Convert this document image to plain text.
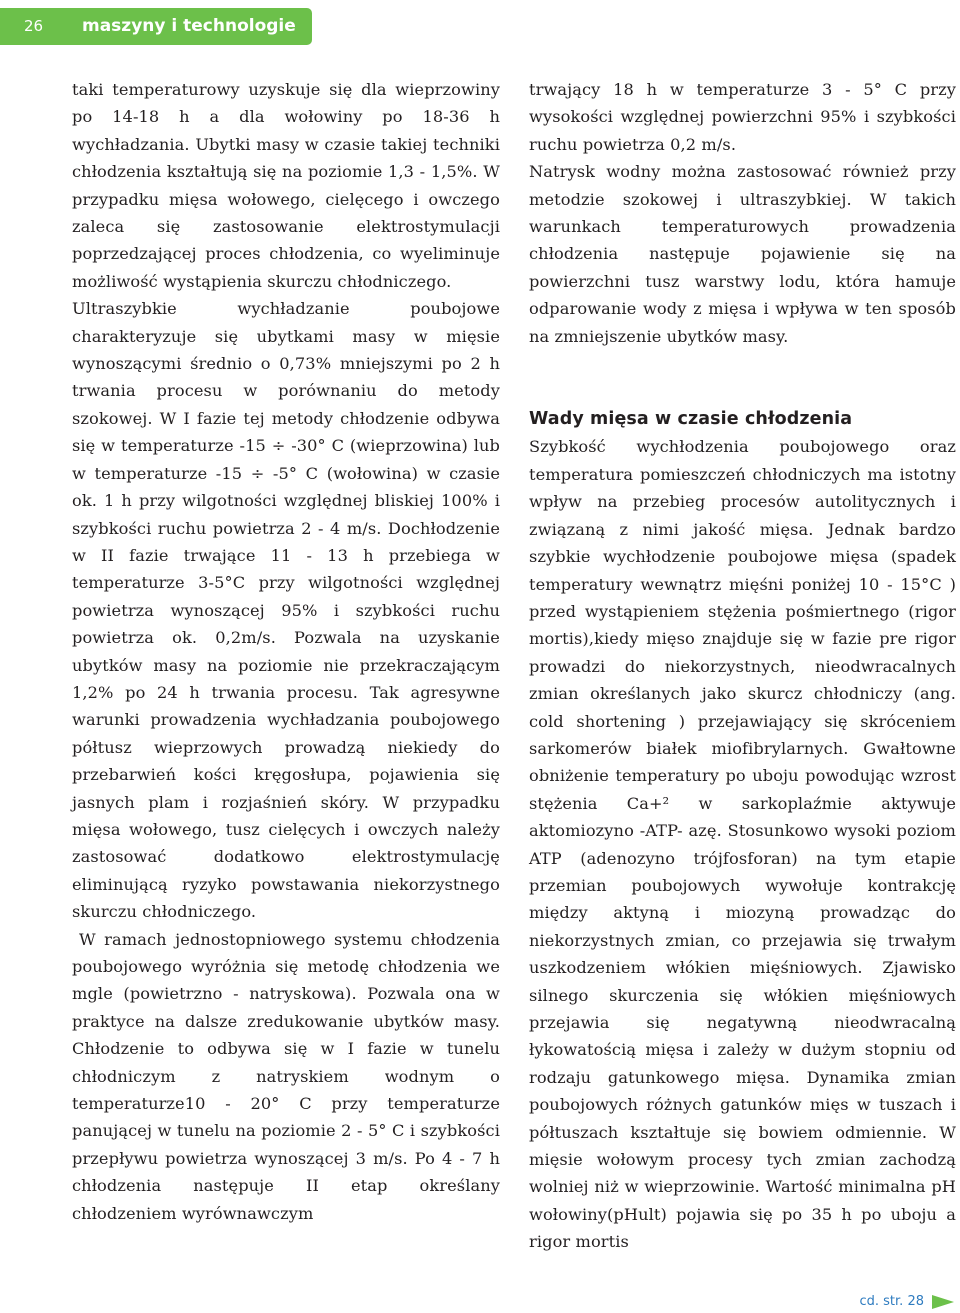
26 maszyny i technologie

taki temperaturowy uzyskuje się dla wieprzowiny po 14-18 h a dla wołowiny po 18-36 h wychładzania. Ubytki masy w czasie takiej techniki chłodzenia kształtują się na poziomie 1,3 - 1,5%. W przypadku mięsa wołowego, cielęcego i owczego zaleca się zastosowanie elektrostymulacji poprzedzającej proces chłodzenia, co wyeliminuje możliwość wystąpienia skurczu chłodniczego.

Ultraszybkie wychładzanie poubojowe charakteryzuje się ubytkami masy w mięsie wynoszącymi średnio o 0,73% mniejszymi po 2 h trwania procesu w porównaniu do metody szokowej. W I fazie tej metody chłodzenie odbywa się w temperaturze -15 ÷ -30° C (wieprzowina) lub w temperaturze -15 ÷ -5° C (wołowina) w czasie ok. 1 h przy wilgotności względnej bliskiej 100% i szybkości ruchu powietrza 2 - 4 m/s. Dochłodzenie w II fazie trwające 11 - 13 h przebiega w temperaturze 3-5°C przy wilgotności względnej powietrza wynoszącej 95% i szybkości ruchu powietrza ok. 0,2m/s. Pozwala na uzyskanie ubytków masy na poziomie nie przekraczającym 1,2% po 24 h trwania procesu. Tak agresywne warunki prowadzenia wychładzania poubojowego półtusz wieprzowych prowadzą niekiedy do przebarwień kości kręgosłupa, pojawienia się jasnych plam i rozjaśnień skóry. W przypadku mięsa wołowego, tusz cielęcych i owczych należy zastosować dodatkowo elektrostymulację eliminującą ryzyko powstawania niekorzystnego skurczu chłodniczego.

W ramach jednostopniowego systemu chłodzenia poubojowego wyróżnia się metodę chłodzenia we mgle (powietrzno - natryskowa). Pozwala ona w praktyce na dalsze zredukowanie ubytków masy. Chłodzenie to odbywa się w I fazie w tunelu chłodniczym z natryskiem wodnym o temperaturze10 - 20° C przy temperaturze panującej w tunelu na poziomie 2 - 5° C i szybkości przepływu powietrza wynoszącej 3 m/s. Po 4 - 7 h chłodzenia następuje II etap określany chłodzeniem wyrównawczym

trwający 18 h w temperaturze 3 - 5° C przy wysokości względnej powierzchni 95% i szybkości ruchu powietrza 0,2 m/s.

Natrysk wodny można zastosować również przy metodzie szokowej i ultraszybkiej. W takich warunkach temperaturowych prowadzenia chłodzenia następuje pojawienie się na powierzchni tusz warstwy lodu, która hamuje odparowanie wody z mięsa i wpływa w ten sposób na zmniejszenie ubytków masy.

Wady mięsa w czasie chłodzenia

Szybkość wychłodzenia poubojowego oraz temperatura pomieszczeń chłodniczych ma istotny wpływ na przebieg procesów autolitycznych i związaną z nimi jakość mięsa. Jednak bardzo szybkie wychłodzenie poubojowe mięsa (spadek temperatury wewnątrz mięśni poniżej 10 - 15°C ) przed wystąpieniem stężenia pośmiertnego (rigor mortis),kiedy mięso znajduje się w fazie pre rigor prowadzi do niekorzystnych, nieodwracalnych zmian określanych jako skurcz chłodniczy (ang. cold shortening ) przejawiający się skróceniem sarkomerów białek miofibrylarnych. Gwałtowne obniżenie temperatury po uboju powodując wzrost stężenia Ca+² w sarkoplaźmie aktywuje aktomiozyno -ATP- azę. Stosunkowo wysoki poziom ATP (adenozyno trójfosforan) na tym etapie przemian poubojowych wywołuje kontrakcję między aktyną i miozyną prowadząc do niekorzystnych zmian, co przejawia się trwałym uszkodzeniem włókien mięśniowych. Zjawisko silnego skurczenia się włókien mięśniowych przejawia się negatywną nieodwracalną łykowatością mięsa i zależy w dużym stopniu od rodzaju gatunkowego mięsa. Dynamika zmian poubojowych różnych gatunków mięs w tuszach i półtuszach kształtuje się bowiem odmiennie. W mięsie wołowym procesy tych zmian zachodzą wolniej niż w wieprzowinie. Wartość minimalna pH wołowiny(pHult) pojawia się po 35 h po uboju a rigor mortis

cd. str. 28
